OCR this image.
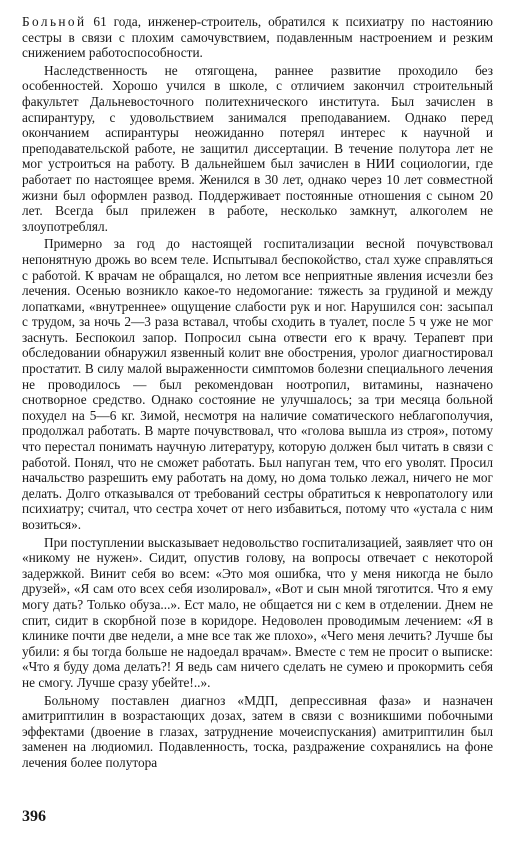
Больной 61 года, инженер-строитель, обратился к психиатру по настоянию сестры в связи с плохим самочувствием, подавленным настроением и резким снижением работоспособности.

Наследственность не отягощена, раннее развитие проходило без особенностей. Хорошо учился в школе, с отличием закончил строительный факультет Дальневосточного политехнического института. Был зачислен в аспирантуру, с удовольствием занимался преподаванием. Однако перед окончанием аспирантуры неожиданно потерял интерес к научной и преподавательской работе, не защитил диссертации. В течение полутора лет не мог устроиться на работу. В дальнейшем был зачислен в НИИ социологии, где работает по настоящее время. Женился в 30 лет, однако через 10 лет совместной жизни был оформлен развод. Поддерживает постоянные отношения с сыном 20 лет. Всегда был прилежен в работе, несколько замкнут, алкоголем не злоупотреблял.

Примерно за год до настоящей госпитализации весной почувствовал непонятную дрожь во всем теле. Испытывал беспокойство, стал хуже справляться с работой. К врачам не обращался, но летом все неприятные явления исчезли без лечения. Осенью возникло какое-то недомогание: тяжесть за грудиной и между лопатками, «внутреннее» ощущение слабости рук и ног. Нарушился сон: засыпал с трудом, за ночь 2—3 раза вставал, чтобы сходить в туалет, после 5 ч уже не мог заснуть. Беспокоил запор. Попросил сына отвести его к врачу. Терапевт при обследовании обнаружил язвенный колит вне обострения, уролог диагностировал простатит. В силу малой выраженности симптомов болезни специального лечения не проводилось — был рекомендован ноотропил, витамины, назначено снотворное средство. Однако состояние не улучшалось; за три месяца больной похудел на 5—6 кг. Зимой, несмотря на наличие соматического неблагополучия, продолжал работать. В марте почувствовал, что «голова вышла из строя», потому что перестал понимать научную литературу, которую должен был читать в связи с работой. Понял, что не сможет работать. Был напуган тем, что его уволят. Просил начальство разрешить ему работать на дому, но дома только лежал, ничего не мог делать. Долго отказывался от требований сестры обратиться к невропатологу или психиатру; считал, что сестра хочет от него избавиться, потому что «устала с ним возиться».

При поступлении высказывает недовольство госпитализацией, заявляет что он «никому не нужен». Сидит, опустив голову, на вопросы отвечает с некоторой задержкой. Винит себя во всем: «Это моя ошибка, что у меня никогда не было друзей», «Я сам ото всех себя изолировал», «Вот и сын мной тяготится. Что я ему могу дать? Только обуза...». Ест мало, не общается ни с кем в отделении. Днем не спит, сидит в скорбной позе в коридоре. Недоволен проводимым лечением: «Я в клинике почти две недели, а мне все так же плохо», «Чего меня лечить? Лучше бы убили: я бы тогда больше не надоедал врачам». Вместе с тем не просит о выписке: «Что я буду дома делать?! Я ведь сам ничего сделать не сумею и прокормить себя не смогу. Лучше сразу убейте!..».

Больному поставлен диагноз «МДП, депрессивная фаза» и назначен амитриптилин в возрастающих дозах, затем в связи с возникшими побочными эффектами (двоение в глазах, затруднение мочеиспускания) амитриптилин был заменен на людиомил. Подавленность, тоска, раздражение сохранялись на фоне лечения более полутора

396
